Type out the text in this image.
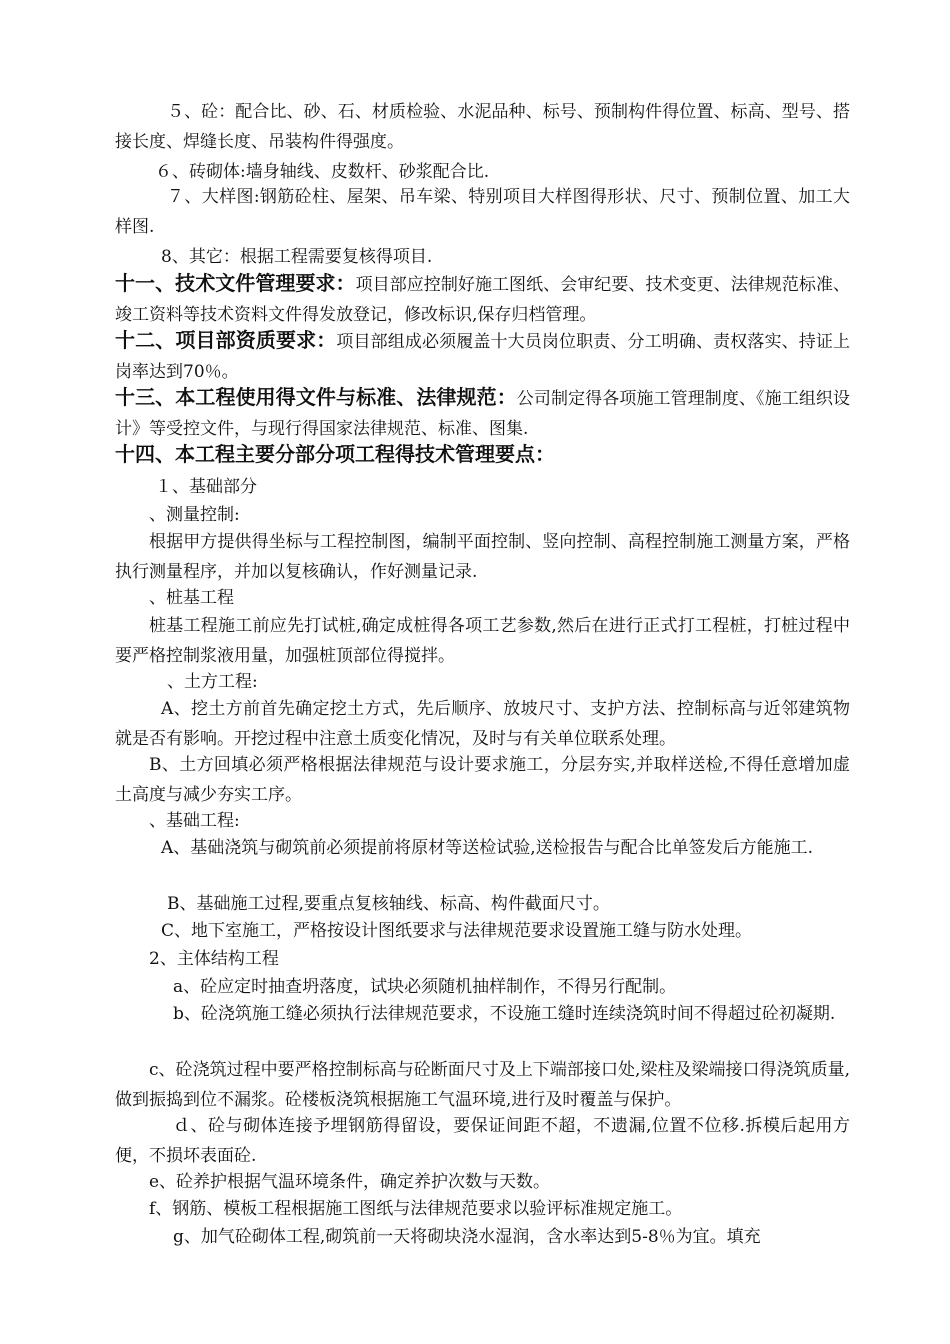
５、砼：配合比、砂、石、材质检验、水泥品种、标号、预制构件得位置、标高、型号、搭接长度、焊缝长度、吊装构件得强度。

６、砖砌体:墙身轴线、皮数杆、砂浆配合比.

７、大样图:钢筋砼柱、屋架、吊车梁、特别项目大样图得形状、尺寸、预制位置、加工大样图.

8、其它：根据工程需要复核得项目.

十一、技术文件管理要求：项目部应控制好施工图纸、会审纪要、技术变更、法律规范标准、竣工资料等技术资料文件得发放登记，修改标识,保存归档管理。

十二、项目部资质要求：项目部组成必须履盖十大员岗位职责、分工明确、责权落实、持证上岗率达到70％。

十三、本工程使用得文件与标准、法律规范：公司制定得各项施工管理制度、《施工组织设计》等受控文件，与现行得国家法律规范、标准、图集.

十四、本工程主要分部分项工程得技术管理要点：

１、基础部分

、测量控制:

根据甲方提供得坐标与工程控制图，编制平面控制、竖向控制、高程控制施工测量方案，严格执行测量程序，并加以复核确认，作好测量记录.

、桩基工程

桩基工程施工前应先打试桩,确定成桩得各项工艺参数,然后在进行正式打工程桩，打桩过程中要严格控制浆液用量，加强桩顶部位得搅拌。

、土方工程:

A、挖土方前首先确定挖土方式，先后顺序、放坡尺寸、支护方法、控制标高与近邻建筑物就是否有影响。开挖过程中注意土质变化情况，及时与有关单位联系处理。

B、土方回填必须严格根据法律规范与设计要求施工，分层夯实,并取样送检,不得任意增加虚土高度与减少夯实工序。

、基础工程:

A、基础浇筑与砌筑前必须提前将原材等送检试验,送检报告与配合比单签发后方能施工.

B、基础施工过程,要重点复核轴线、标高、构件截面尺寸。

C、地下室施工，严格按设计图纸要求与法律规范要求设置施工缝与防水处理。

2、主体结构工程

a、砼应定时抽查坍落度，试块必须随机抽样制作，不得另行配制。

b、砼浇筑施工缝必须执行法律规范要求，不设施工缝时连续浇筑时间不得超过砼初凝期.

c、砼浇筑过程中要严格控制标高与砼断面尺寸及上下端部接口处,梁柱及梁端接口得浇筑质量,做到振捣到位不漏浆。砼楼板浇筑根据施工气温环境,进行及时覆盖与保护。

ｄ、砼与砌体连接予埋钢筋得留设，要保证间距不超，不遗漏,位置不位移.拆模后起用方便，不损坏表面砼.

e、砼养护根据气温环境条件，确定养护次数与天数。

f、钢筋、模板工程根据施工图纸与法律规范要求以验评标准规定施工。

g、加气砼砌体工程,砌筑前一天将砌块浇水湿润，含水率达到5-8％为宜。填充
